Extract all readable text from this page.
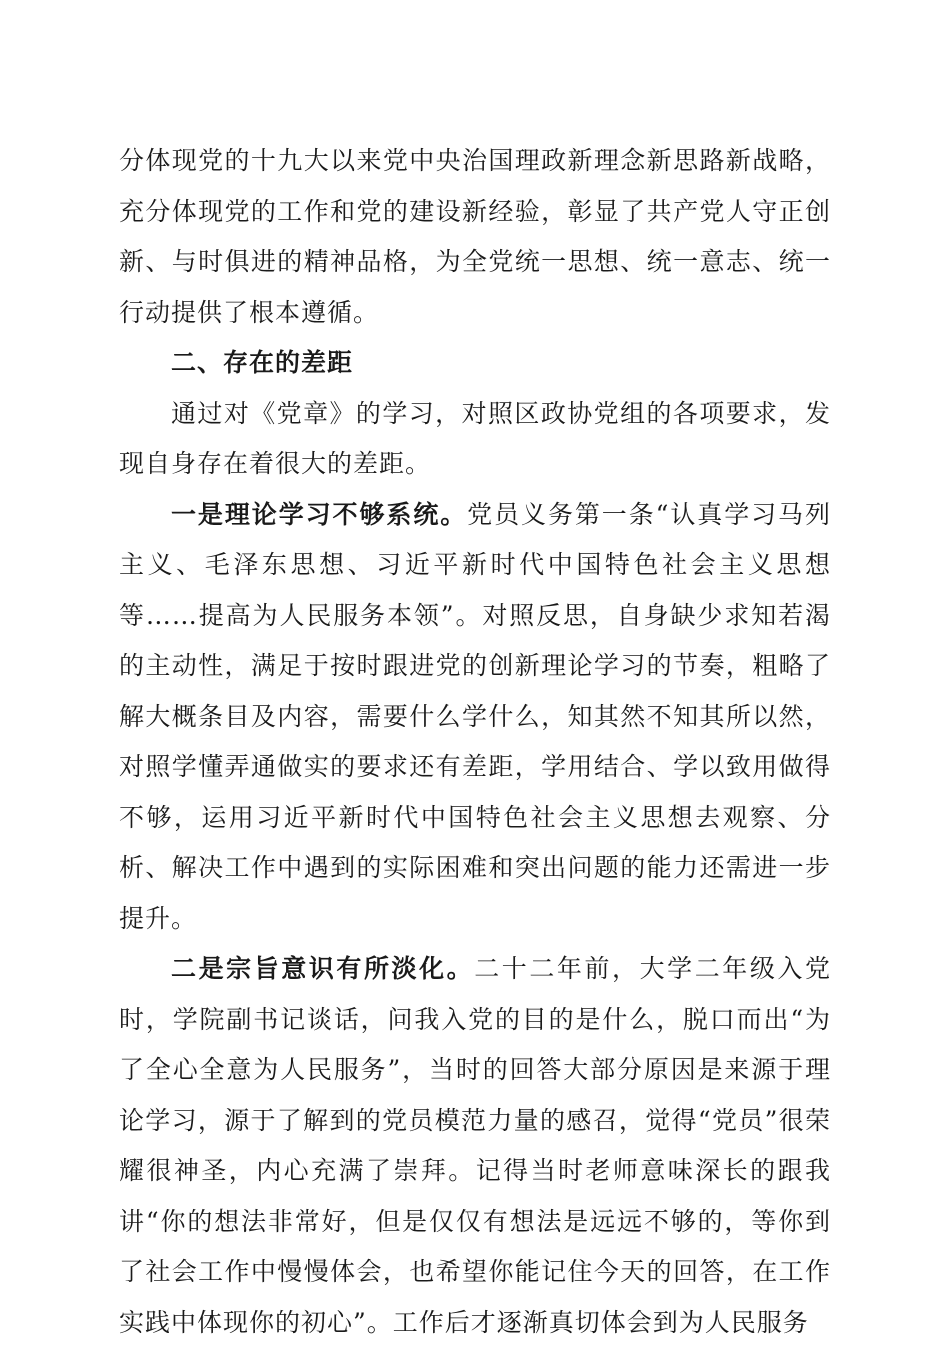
分体现党的十九大以来党中央治国理政新理念新思路新战略，充分体现党的工作和党的建设新经验，彰显了共产党人守正创新、与时俱进的精神品格，为全党统一思想、统一意志、统一行动提供了根本遵循。

二、存在的差距

通过对《党章》的学习，对照区政协党组的各项要求，发现自身存在着很大的差距。

一是理论学习不够系统。党员义务第一条“认真学习马列主义、毛泽东思想、习近平新时代中国特色社会主义思想等……提高为人民服务本领”。对照反思，自身缺少求知若渴的主动性，满足于按时跟进党的创新理论学习的节奏，粗略了解大概条目及内容，需要什么学什么，知其然不知其所以然，对照学懂弄通做实的要求还有差距，学用结合、学以致用做得不够，运用习近平新时代中国特色社会主义思想去观察、分析、解决工作中遇到的实际困难和突出问题的能力还需进一步提升。

二是宗旨意识有所淡化。二十二年前，大学二年级入党时，学院副书记谈话，问我入党的目的是什么，脱口而出“为了全心全意为人民服务”，当时的回答大部分原因是来源于理论学习，源于了解到的党员模范力量的感召，觉得“党员”很荣耀很神圣，内心充满了崇拜。记得当时老师意味深长的跟我讲“你的想法非常好，但是仅仅有想法是远远不够的，等你到了社会工作中慢慢体会，也希望你能记住今天的回答，在工作实践中体现你的初心”。工作后才逐渐真切体会到为人民服务
